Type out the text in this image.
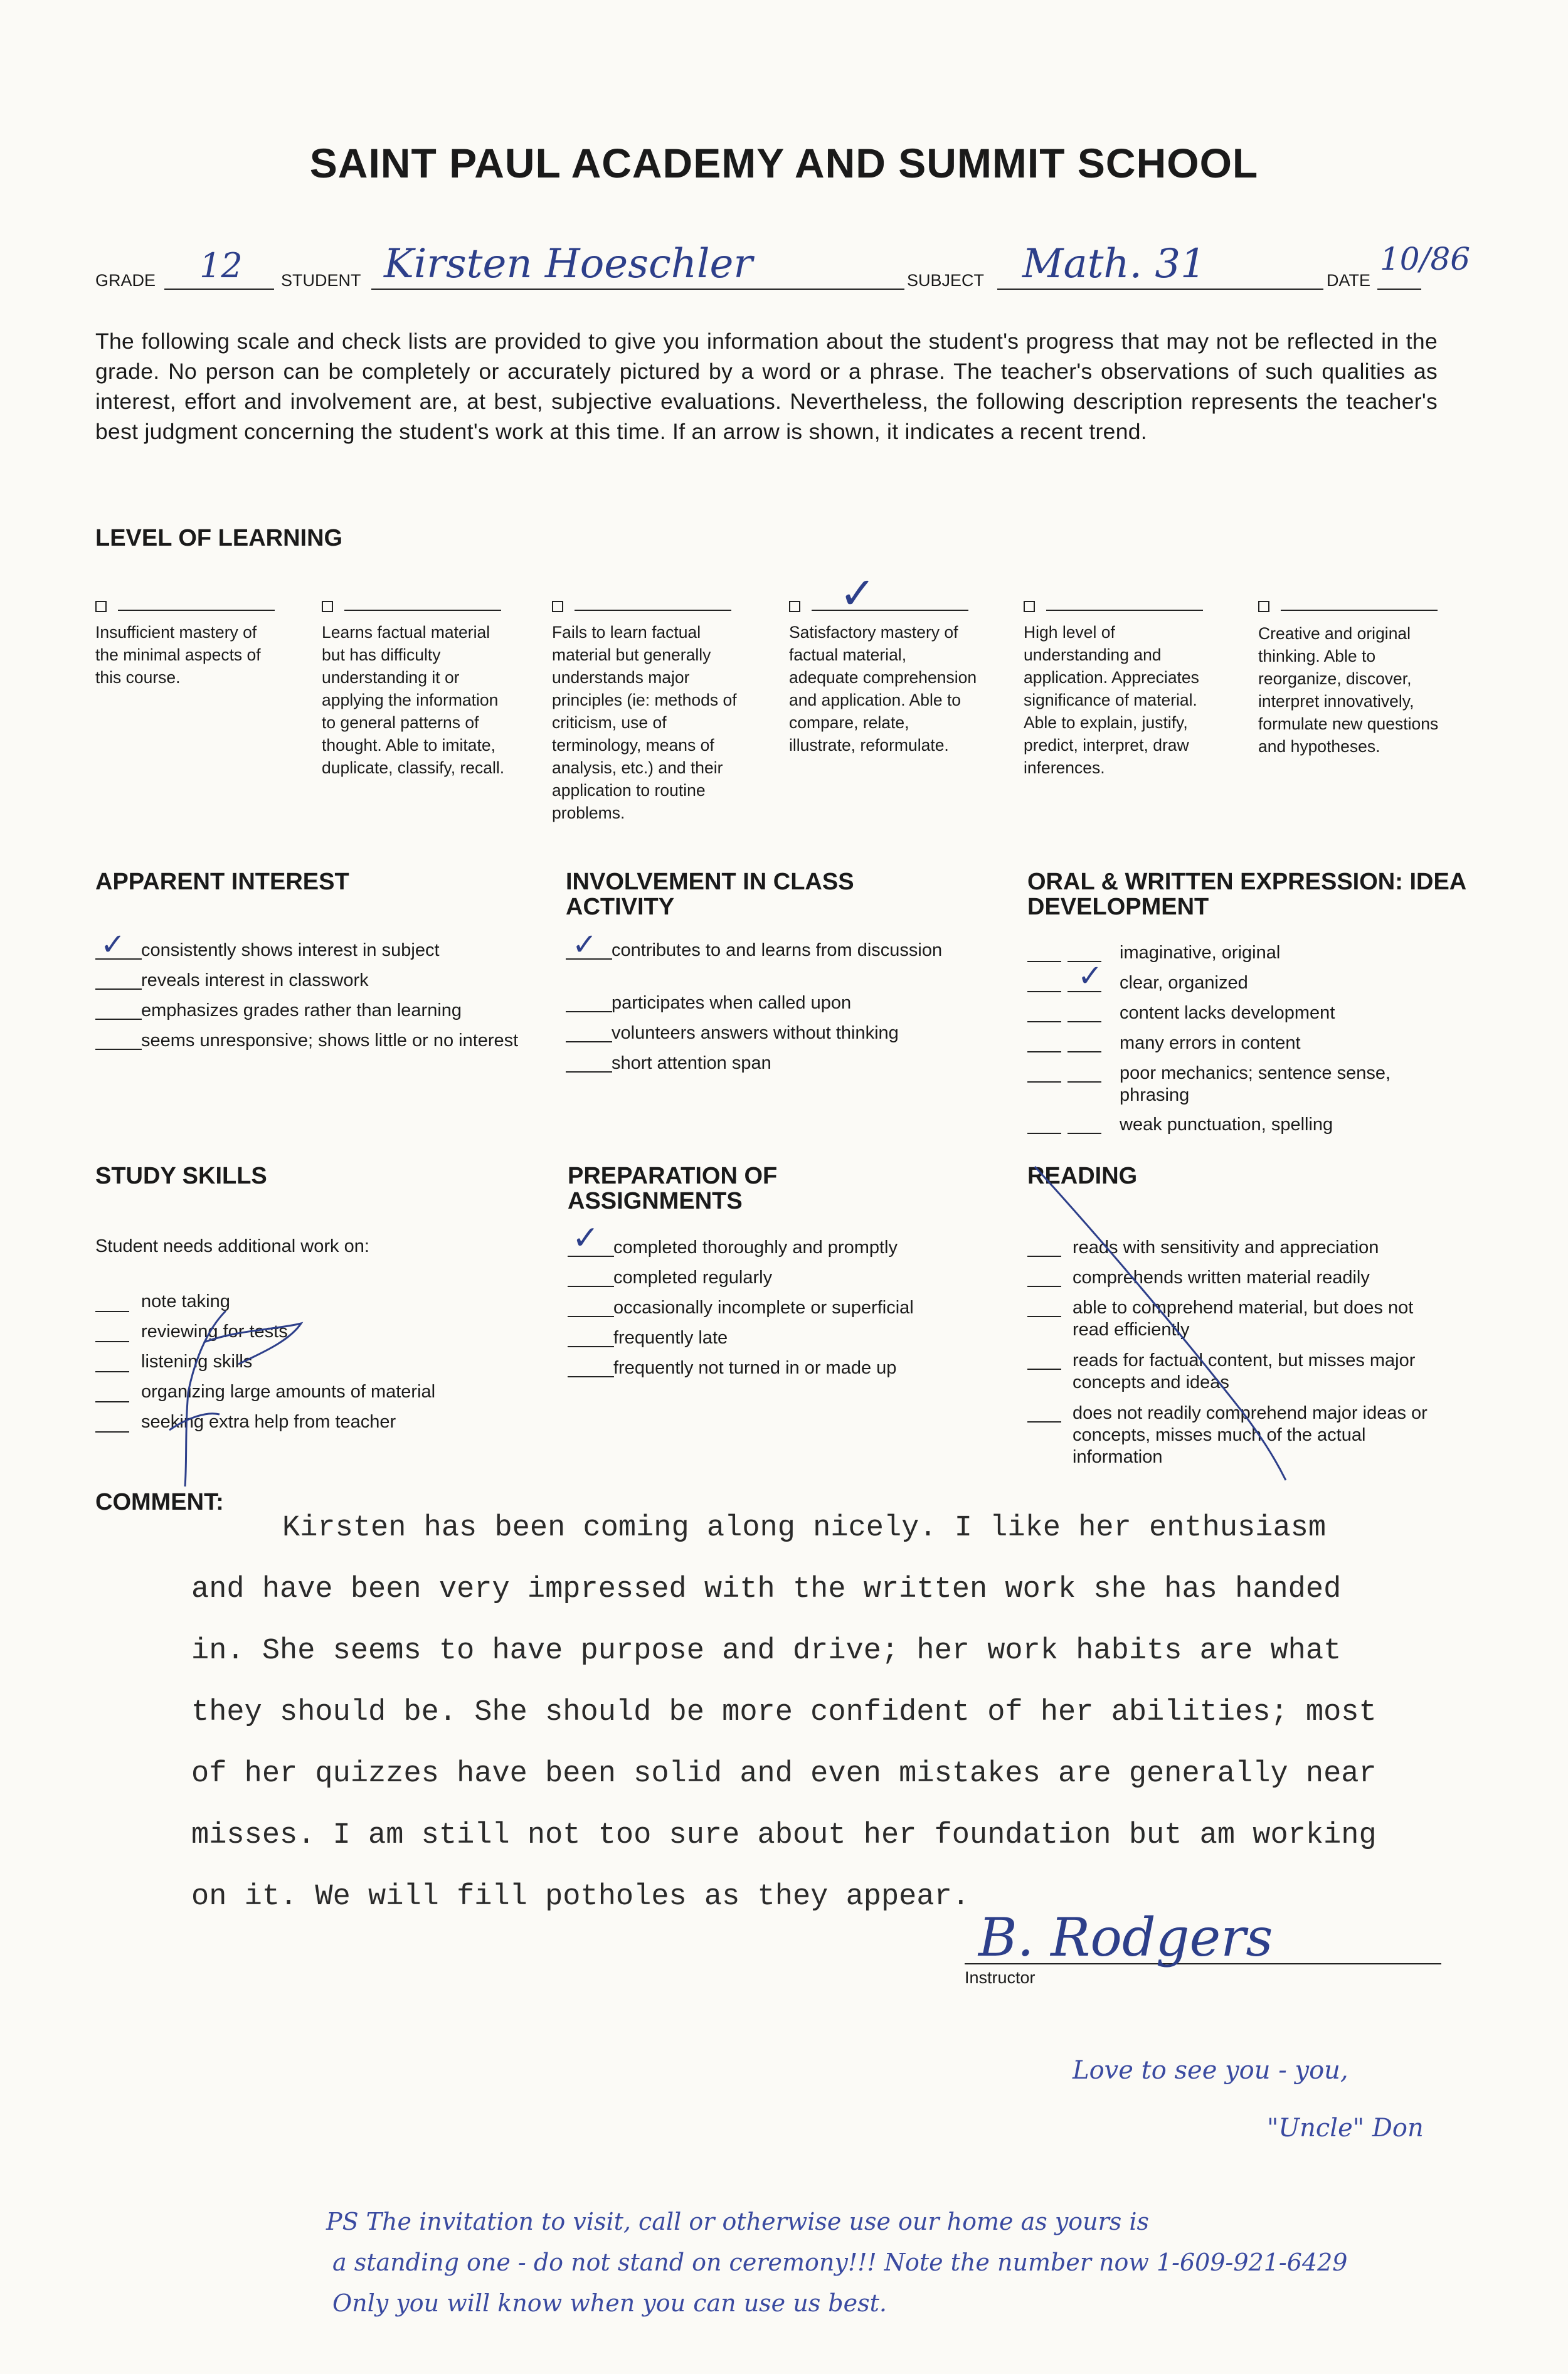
SAINT PAUL ACADEMY AND SUMMIT SCHOOL
GRADE 12 STUDENT Kirsten Hoeschler	SUBJECT Math. 31	DATE
10/86
The following scale and check lists are provided to give you information about the student's progress that may not be reflected in the grade. No person can be completely or accurately pictured by a word or a phrase. The teacher's observations of such qualities as interest, effort and involvement are, at best, subjective evaluations. Nevertheless, the following description represents the teacher's best judgment concerning the student's work at this time. If an arrow is shown, it indicates a recent trend.
LEVEL OF LEARNING
Insufficient mastery of the minimal aspects of this course.
Learns factual material but has difficulty understanding it or applying the information to general patterns of thought. Able to imitate, duplicate, classify, recall.
Fails to learn factual material but generally understands major principles (ie: methods of criticism, use of terminology, means of analysis, etc.) and their application to routine problems.
✓
Satisfactory mastery of factual material, adequate comprehension and application. Able to compare, relate, illustrate, reformulate.
High level of understanding and application. Appreciates significance of material. Able to explain, justify, predict, interpret, draw inferences.
Creative and original thinking. Able to reorganize, discover, interpret innovatively, formulate new questions and hypotheses.
APPARENT INTEREST
✓ consistently shows interest in subject
reveals interest in classwork
emphasizes grades rather than learning
seems unresponsive; shows little or no interest
INVOLVEMENT IN CLASS ACTIVITY
✓ contributes to and learns from discussion
participates when called upon
volunteers answers without thinking
short attention span
ORAL & WRITTEN EXPRESSION: IDEA DEVELOPMENT
imaginative, original
✓ clear, organized
content lacks development
many errors in content
poor mechanics; sentence sense, phrasing
weak punctuation, spelling
STUDY SKILLS
Student needs additional work on:
note taking
reviewing for tests
listening skills
organizing large amounts of material
seeking extra help from teacher
PREPARATION OF ASSIGNMENTS
✓ completed thoroughly and promptly
completed regularly
occasionally incomplete or superficial
frequently late
frequently not turned in or made up
READING
reads with sensitivity and appreciation
comprehends written material readily
able to comprehend material, but does not read efficiently
reads for factual content, but misses major concepts and ideas
does not readily comprehend major ideas or concepts, misses much of the actual information
COMMENT:
Kirsten has been coming along nicely. I like her enthusiasm
and have been very impressed with the written work she has handed
in. She seems to have purpose and drive; her work habits are what
they should be. She should be more confident of her abilities; most
of her quizzes have been solid and even mistakes are generally near
misses. I am still not too sure about her foundation but am working
on it. We will fill potholes as they appear.
B. Rodgers
Instructor
Love to see you - you,
"Uncle" Don
PS The invitation to visit, call or otherwise use our home as yours is
a standing one - do not stand on ceremony!!! Note the number now 1-609-921-6429
Only you will know when you can use us best.
